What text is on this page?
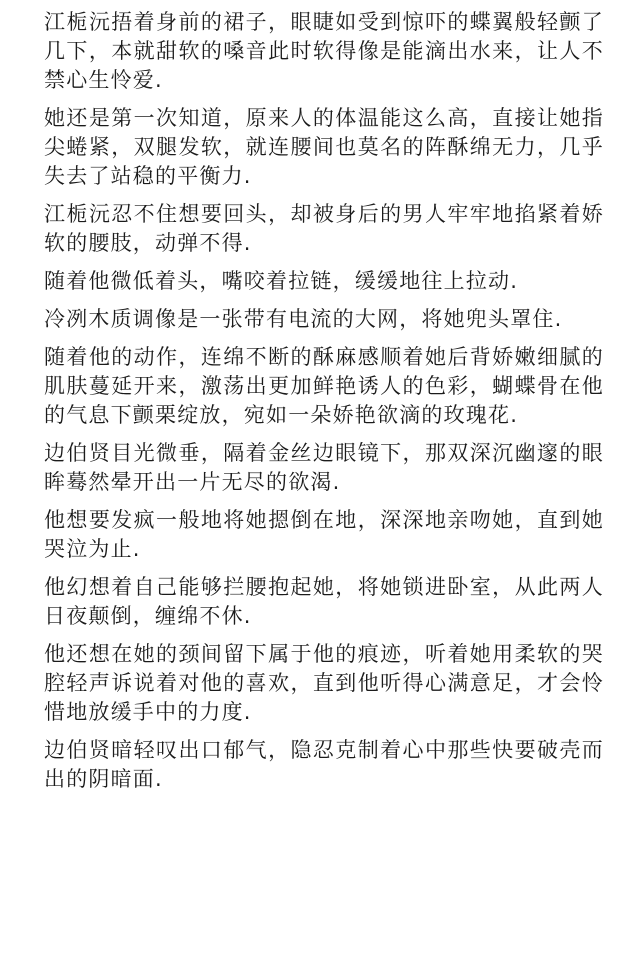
江栀沅捂着身前的裙子，眼睫如受到惊吓的蝶翼般轻颤了几下，本就甜软的嗓音此时软得像是能滴出水来，让人不禁心生怜爱.

她还是第一次知道，原来人的体温能这么高，直接让她指尖蜷紧，双腿发软，就连腰间也莫名的阵酥绵无力，几乎失去了站稳的平衡力.

江栀沅忍不住想要回头，却被身后的男人牢牢地掐紧着娇软的腰肢，动弹不得.

随着他微低着头，嘴咬着拉链，缓缓地往上拉动.

冷冽木质调像是一张带有电流的大网，将她兜头罩住.

随着他的动作，连绵不断的酥麻感顺着她后背娇嫩细腻的肌肤蔓延开来，激荡出更加鲜艳诱人的色彩，蝴蝶骨在他的气息下颤栗绽放，宛如一朵娇艳欲滴的玫瑰花.

边伯贤目光微垂，隔着金丝边眼镜下，那双深沉幽邃的眼眸蓦然晕开出一片无尽的欲渴.

他想要发疯一般地将她摁倒在地，深深地亲吻她，直到她哭泣为止.

他幻想着自己能够拦腰抱起她，将她锁进卧室，从此两人日夜颠倒，缠绵不休.

他还想在她的颈间留下属于他的痕迹，听着她用柔软的哭腔轻声诉说着对他的喜欢，直到他听得心满意足，才会怜惜地放缓手中的力度.

边伯贤暗轻叹出口郁气，隐忍克制着心中那些快要破壳而出的阴暗面.
